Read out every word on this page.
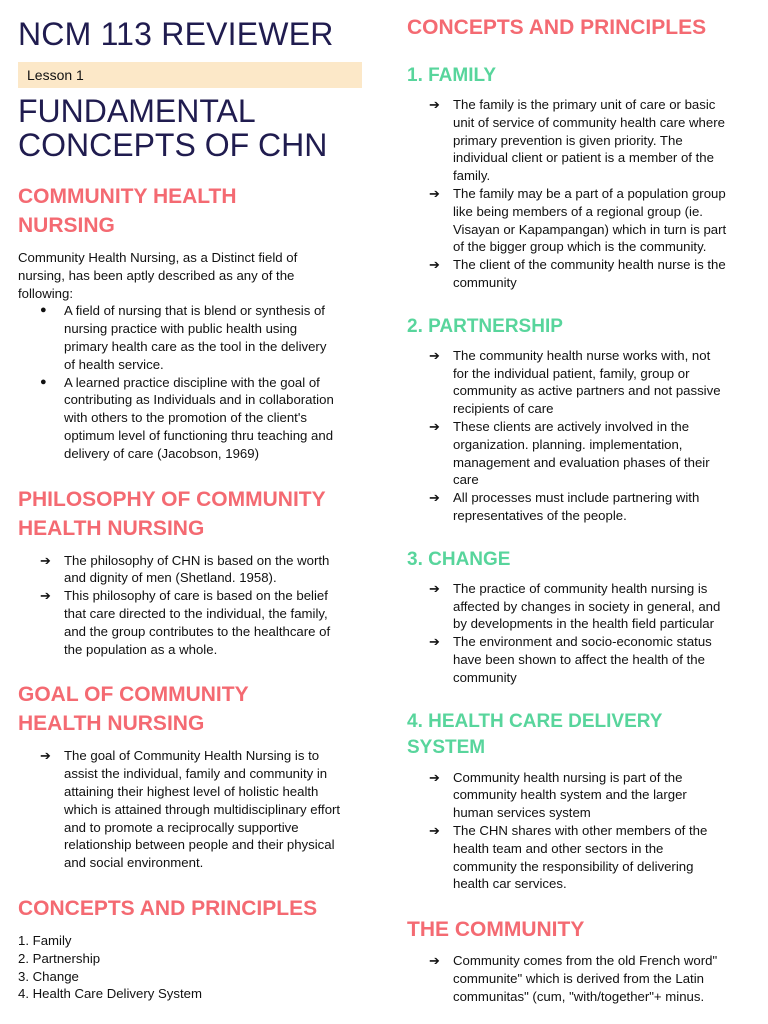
NCM 113 REVIEWER
Lesson 1
FUNDAMENTAL
CONCEPTS OF CHN
COMMUNITY HEALTH
NURSING
Community Health Nursing, as a Distinct field of
nursing, has been aptly described as any of the
following:
● A field of nursing that is blend or synthesis of
nursing practice with public health using
primary health care as the tool in the delivery
of health service.
● A learned practice discipline with the goal of
contributing as Individuals and in collaboration
with others to the promotion of the client's
optimum level of functioning thru teaching and
delivery of care (Jacobson, 1969)
PHILOSOPHY OF COMMUNITY
HEALTH NURSING
➔ The philosophy of CHN is based on the worth
and dignity of men (Shetland. 1958).
➔ This philosophy of care is based on the belief
that care directed to the individual, the family,
and the group contributes to the healthcare of
the population as a whole.
GOAL OF COMMUNITY
HEALTH NURSING
➔ The goal of Community Health Nursing is to
assist the individual, family and community in
attaining their highest level of holistic health
which is attained through multidisciplinary effort
and to promote a reciprocally supportive
relationship between people and their physical
and social environment.
CONCEPTS AND PRINCIPLES
1. Family
2. Partnership
3. Change
4. Health Care Delivery System
CONCEPTS AND PRINCIPLES
1. FAMILY
➔ The family is the primary unit of care or basic
unit of service of community health care where
primary prevention is given priority. The
individual client or patient is a member of the
family.
➔ The family may be a part of a population group
like being members of a regional group (ie.
Visayan or Kapampangan) which in turn is part
of the bigger group which is the community.
➔ The client of the community health nurse is the
community
2. PARTNERSHIP
➔ The community health nurse works with, not
for the individual patient, family, group or
community as active partners and not passive
recipients of care
➔ These clients are actively involved in the
organization. planning. implementation,
management and evaluation phases of their
care
➔ All processes must include partnering with
representatives of the people.
3. CHANGE
➔ The practice of community health nursing is
affected by changes in society in general, and
by developments in the health field particular
➔ The environment and socio-economic status
have been shown to affect the health of the
community
4. HEALTH CARE DELIVERY
SYSTEM
➔ Community health nursing is part of the
community health system and the larger
human services system
➔ The CHN shares with other members of the
health team and other sectors in the
community the responsibility of delivering
health car services.
THE COMMUNITY
➔ Community comes from the old French word"
communite" which is derived from the Latin
communitas" (cum, "with/together"+ minus.
